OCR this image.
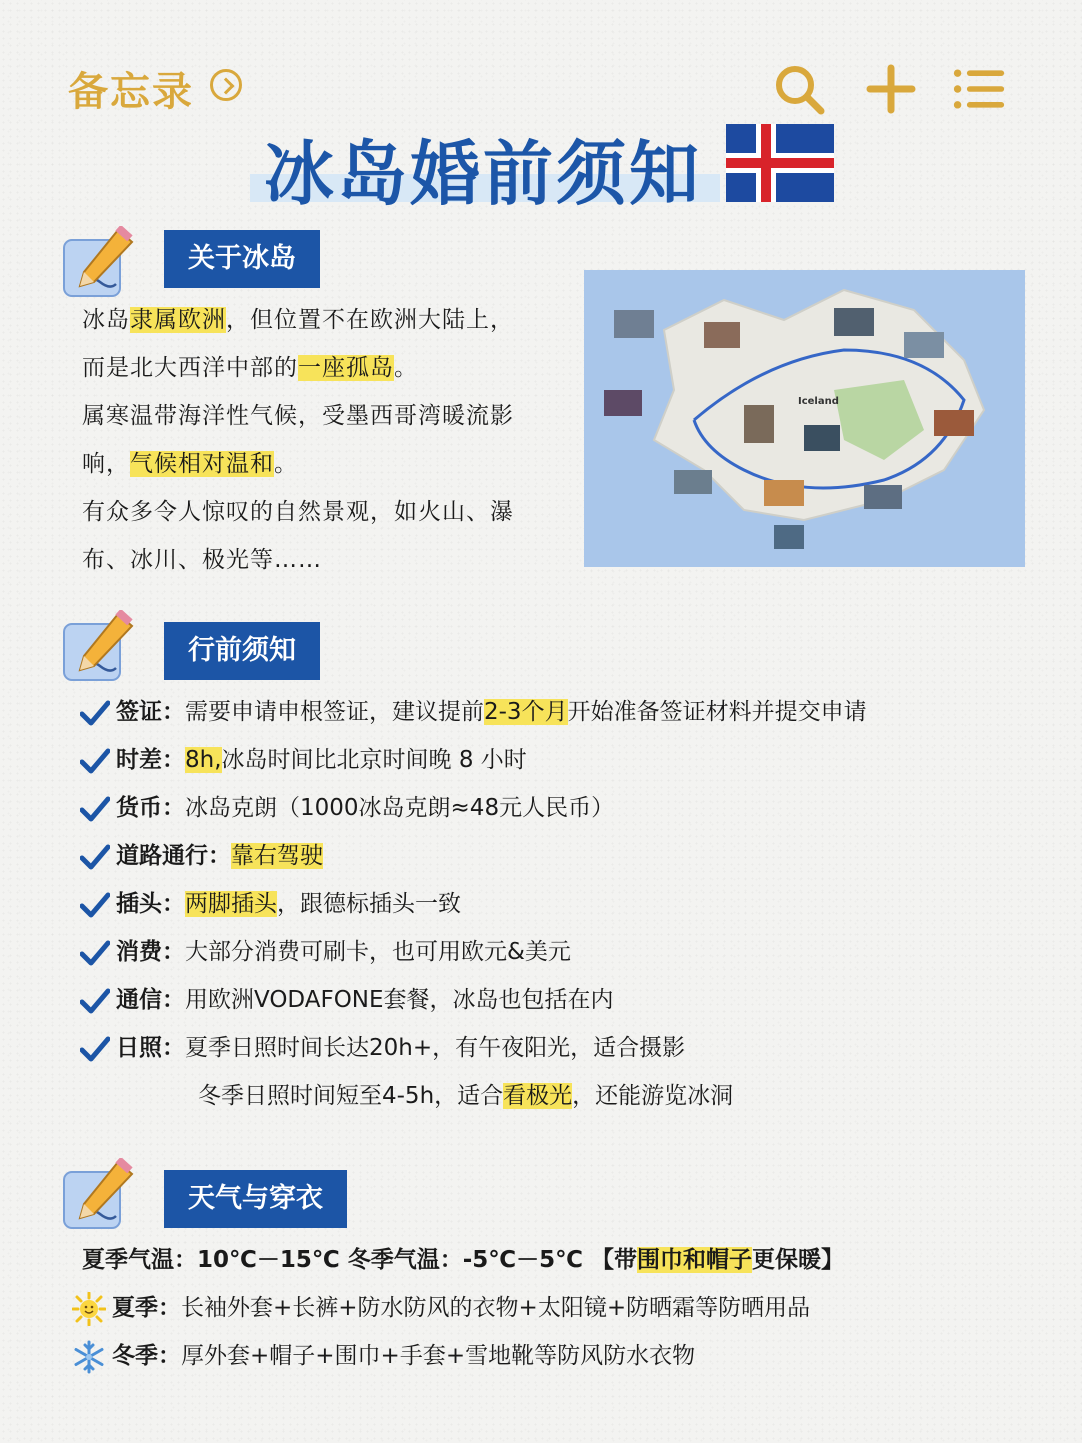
备忘录
冰岛婚前须知
关于冰岛
冰岛隶属欧洲，但位置不在欧洲大陆上，
而是北大西洋中部的一座孤岛。
属寒温带海洋性气候，受墨西哥湾暖流影
响，气候相对温和。
有众多令人惊叹的自然景观，如火山、瀑
布、冰川、极光等……
Iceland
行前须知
签证：需要申请申根签证，建议提前2-3个月开始准备签证材料并提交申请
时差：8h,冰岛时间比北京时间晚 8 小时
货币：冰岛克朗（1000冰岛克朗≈48元人民币）
道路通行：靠右驾驶
插头：两脚插头，跟德标插头一致
消费：大部分消费可刷卡，也可用欧元&美元
通信：用欧洲VODAFONE套餐，冰岛也包括在内
日照：夏季日照时间长达20h+，有午夜阳光，适合摄影
冬季日照时间短至4-5h，适合看极光，还能游览冰洞
天气与穿衣
夏季气温：10℃－15℃ 冬季气温：-5℃－5℃ 【带围巾和帽子更保暖】
夏季：长袖外套+长裤+防水防风的衣物+太阳镜+防晒霜等防晒用品
冬季：厚外套+帽子+围巾+手套+雪地靴等防风防水衣物
